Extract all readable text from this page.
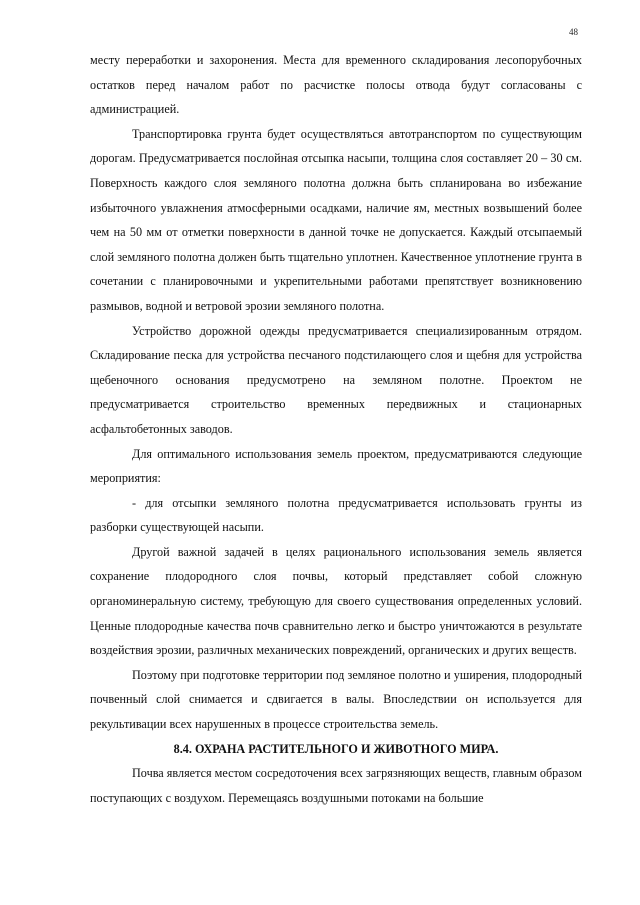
48

месту переработки и захоронения. Места для временного складирования лесопорубочных остатков перед началом работ по расчистке полосы отвода будут согласованы с администрацией.

Транспортировка грунта будет осуществляться автотранспортом по существующим дорогам. Предусматривается послойная отсыпка насыпи, толщина слоя составляет 20 – 30 см. Поверхность каждого слоя земляного полотна должна быть спланирована во избежание избыточного увлажнения атмосферными осадками, наличие ям, местных возвышений более чем на 50 мм от отметки поверхности в данной точке не допускается. Каждый отсыпаемый слой земляного полотна должен быть тщательно уплотнен. Качественное уплотнение грунта в сочетании с планировочными и укрепительными работами препятствует возникновению размывов, водной и ветровой эрозии земляного полотна.

Устройство дорожной одежды предусматривается специализированным отрядом. Складирование песка для устройства песчаного подстилающего слоя и щебня для устройства щебеночного основания предусмотрено на земляном полотне. Проектом не предусматривается строительство временных передвижных и стационарных асфальтобетонных заводов.

Для оптимального использования земель проектом, предусматриваются следующие мероприятия:

- для отсыпки земляного полотна предусматривается использовать грунты из разборки существующей насыпи.

Другой важной задачей в целях рационального использования земель является сохранение плодородного слоя почвы, который представляет собой сложную органоминеральную систему, требующую для своего существования определенных условий. Ценные плодородные качества почв сравнительно легко и быстро уничтожаются в результате воздействия эрозии, различных механических повреждений, органических и других веществ.

Поэтому при подготовке территории под земляное полотно и уширения, плодородный почвенный слой снимается и сдвигается в валы. Впоследствии он используется для рекультивации всех нарушенных в процессе строительства земель.

8.4. ОХРАНА РАСТИТЕЛЬНОГО И ЖИВОТНОГО МИРА.

Почва является местом сосредоточения всех загрязняющих веществ, главным образом поступающих с воздухом. Перемещаясь воздушными потоками на большие
